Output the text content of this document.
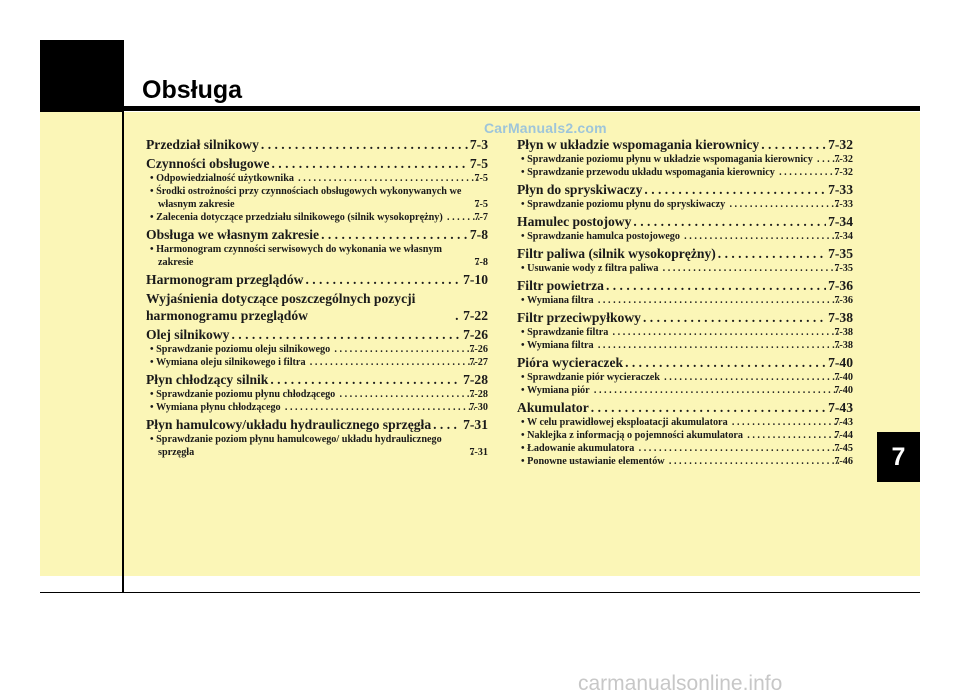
Obsługa
7
CarManuals2.com
carmanualsonline.info
Przedział silnikowy . . .	7-3
Czynności obsługowe . . .	7-5
• Odpowiedzialność użytkownika . . .	7-5
• Środki ostrożności przy czynnościach obsługowych wykonywanych we własnym zakresie . . .	7-5
• Zalecenia dotyczące przedziału silnikowego (silnik wysokoprężny) . . .	7-7
Obsługa we własnym zakresie . . .	7-8
• Harmonogram czynności serwisowych do wykonania we własnym zakresie . . .	7-8
Harmonogram przeglądów . . .	7-10
Wyjaśnienia dotyczące poszczególnych pozycji harmonogramu przeglądów . . .	7-22
Olej silnikowy . . .	7-26
• Sprawdzanie poziomu oleju silnikowego . . .	7-26
• Wymiana oleju silnikowego i filtra . . .	7-27
Płyn chłodzący silnik . . .	7-28
• Sprawdzanie poziomu płynu chłodzącego . . .	7-28
• Wymiana płynu chłodzącego . . .	7-30
Płyn hamulcowy/układu hydraulicznego sprzęgła . . . 7-31
• Sprawdzanie poziom płynu hamulcowego/ układu hydraulicznego sprzęgła . . .	7-31
Płyn w układzie wspomagania kierownicy . . .	7-32
• Sprawdzanie poziomu płynu w układzie wspomagania kierownicy . . . 7-32
• Sprawdzanie przewodu układu wspomagania kierownicy . . .	7-32
Płyn do spryskiwaczy . . .	7-33
• Sprawdzanie poziomu płynu do spryskiwaczy . . .	7-33
Hamulec postojowy . . .	7-34
• Sprawdzanie hamulca postojowego . . .	7-34
Filtr paliwa (silnik wysokoprężny) . . .	7-35
• Usuwanie wody z filtra paliwa . . .	7-35
Filtr powietrza . . .	7-36
• Wymiana filtra . . .	7-36
Filtr przeciwpyłkowy . . .	7-38
• Sprawdzanie filtra . . .	7-38
• Wymiana filtra . . .	7-38
Pióra wycieraczek . . .	7-40
• Sprawdzanie piór wycieraczek . . .	7-40
• Wymiana piór . . .	7-40
Akumulator . . .	7-43
• W celu prawidłowej eksploatacji akumulatora . . .	7-43
• Naklejka z informacją o pojemności akumulatora . . .	7-44
• Ładowanie akumulatora . . .	7-45
• Ponowne ustawianie elementów . . .	7-46
